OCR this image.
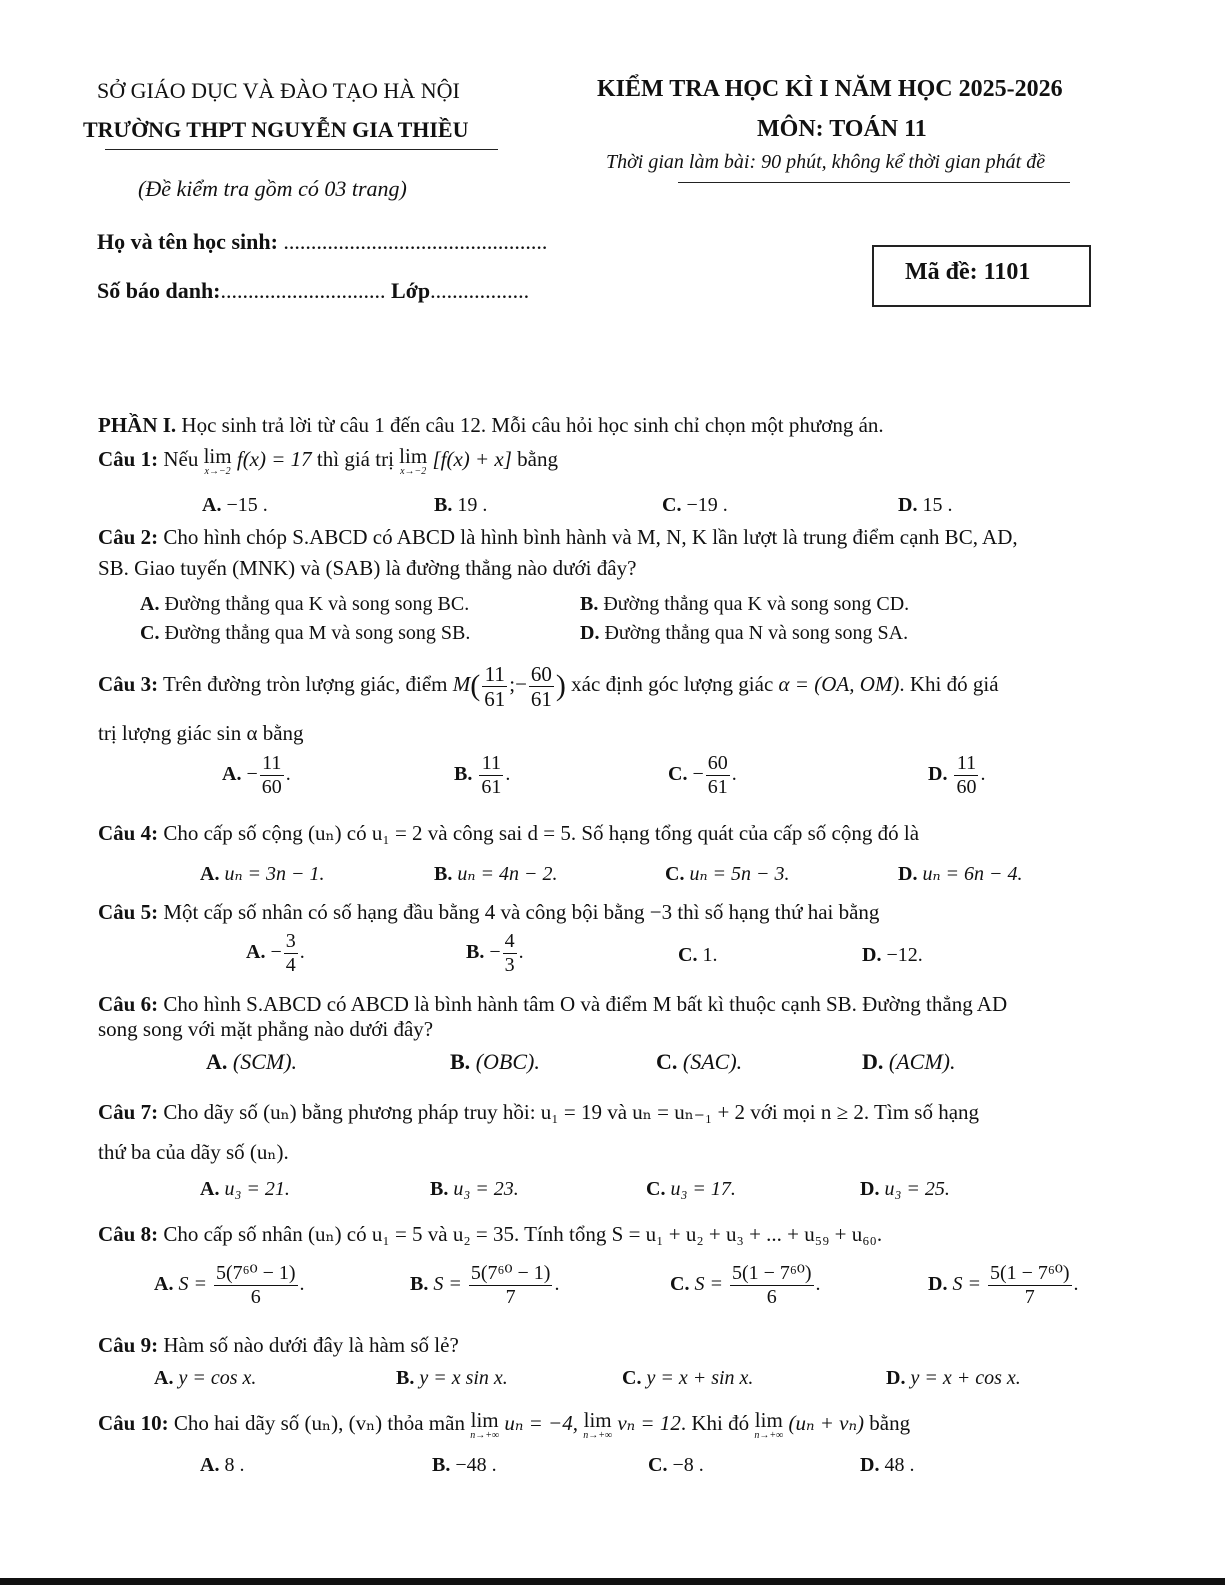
SỞ GIÁO DỤC VÀ ĐÀO TẠO HÀ NỘI
TRƯỜNG THPT NGUYỄN GIA THIỀU
(Đề kiểm tra gồm có 03 trang)
KIỂM TRA HỌC KÌ I NĂM HỌC 2025-2026
MÔN: TOÁN 11
Thời gian làm bài: 90 phút, không kể thời gian phát đề
Họ và tên học sinh: ................................................
Số báo danh:.............................. Lớp..................
Mã đề: 1101
PHẦN I. Học sinh trả lời từ câu 1 đến câu 12. Mỗi câu hỏi học sinh chỉ chọn một phương án.
Câu 1: Nếu lim
x→−2
f(x) = 17 thì giá trị lim
x→−2
[f(x) + x] bằng
A. −15 .	B. 19 .	C. −19 .	D. 15 .
Câu 2: Cho hình chóp S.ABCD có ABCD là hình bình hành và M, N, K lần lượt là trung điểm cạnh BC, AD,
SB. Giao tuyến (MNK) và (SAB) là đường thẳng nào dưới đây?
A. Đường thẳng qua K và song song BC.	B. Đường thẳng qua K và song song CD.
C. Đường thẳng qua M và song song SB.	D. Đường thẳng qua N và song song SA.
Câu 3: Trên đường tròn lượng giác, điểm $M( \frac{11}{61}$ ;− $\frac{60}{61}$ ) xác định góc lượng giác α = (OA, OM). Khi đó giá
trị lượng giác sin α bằng
A. − $\frac{11}{60}$ .	B. $\frac{11}{61}$ .	C. − $\frac{60}{61}$ .	D. $\frac{11}{60}$ .
Câu 4: Cho cấp số cộng (uₙ) có u₁ = 2 và công sai d = 5. Số hạng tổng quát của cấp số cộng đó là
A. uₙ = 3n − 1.	B. uₙ = 4n − 2.	C. uₙ = 5n − 3.	D. uₙ = 6n − 4.
Câu 5: Một cấp số nhân có số hạng đầu bằng 4 và công bội bằng −3 thì số hạng thứ hai bằng
A. − $\frac{3}{4}$ .	B. − $\frac{4}{3}$ .	C. 1.	D. −12.
Câu 6: Cho hình S.ABCD có ABCD là bình hành tâm O và điểm M bất kì thuộc cạnh SB. Đường thẳng AD
song song với mặt phẳng nào dưới đây?
A. (SCM).	B. (OBC).	C. (SAC).	D. (ACM).
Câu 7: Cho dãy số (uₙ) bằng phương pháp truy hồi: u₁ = 19 và uₙ = uₙ₋₁ + 2 với mọi n ≥ 2. Tìm số hạng
thứ ba của dãy số (uₙ).
A. u₃ = 21.	B. u₃ = 23.	C. u₃ = 17.	D. u₃ = 25.
Câu 8: Cho cấp số nhân (uₙ) có u₁ = 5 và u₂ = 35. Tính tổng S = u₁ + u₂ + u₃ + ... + u₅₉ + u₆₀.
A. $S = \frac{\text{5(7⁶⁰ − 1)}}{6}$ .	B. $S = \frac{\text{5(7⁶⁰ − 1)}}{7}$ .	C. $S = \frac{\text{5(1 − 7⁶⁰)}}{6}$ .	D. $S = \frac{\text{5(1 − 7⁶⁰)}}{7}$ .
Câu 9: Hàm số nào dưới đây là hàm số lẻ?
A. y = cos x.	B. y = x sin x.	C. y = x + sin x.	D. y = x + cos x.
Câu 10: Cho hai dãy số (uₙ), (vₙ) thỏa mãn lim
n→+∞
uₙ = −4, lim
n→+∞
vₙ = 12. Khi đó lim
n→+∞
(uₙ + vₙ) bằng
A. 8 .	B. −48 .	C. −8 .	D. 48 .
